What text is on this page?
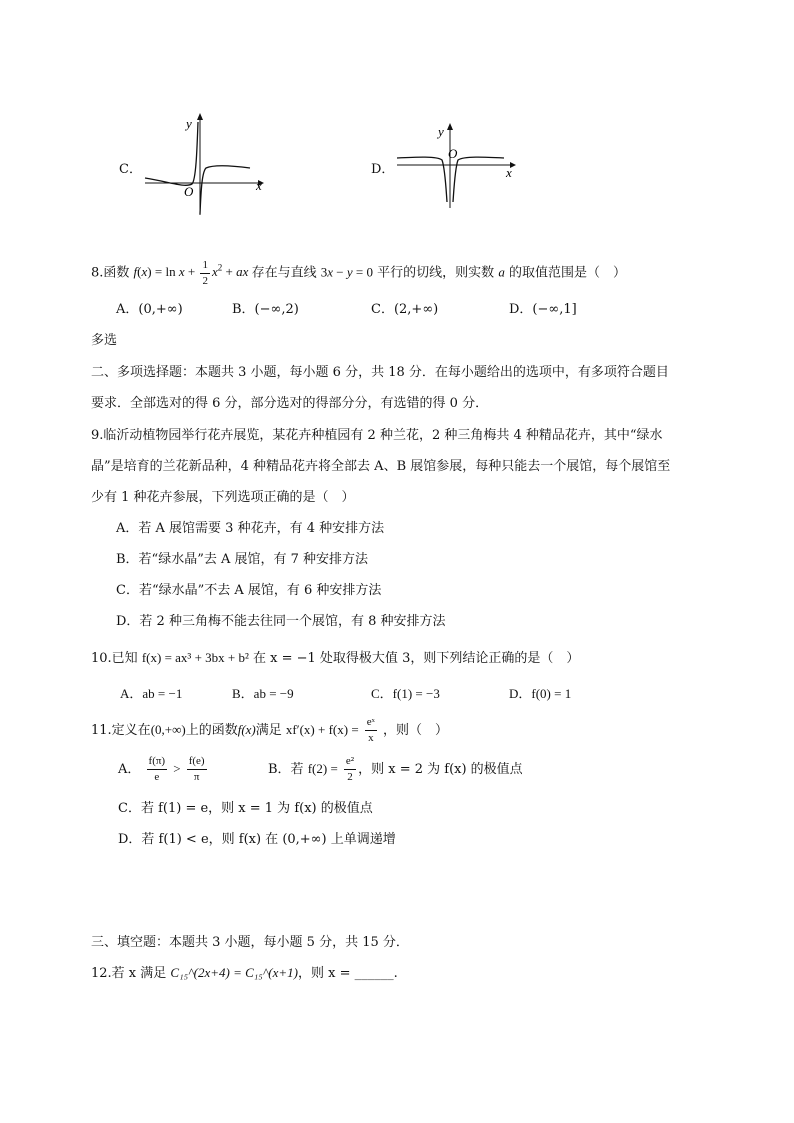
C．
y
x
O
D．
y
x
O
8.函数 $f(x) = \ln x + \frac{1}{2} x^2$ + ax 存在与直线 3x − y = 0 平行的切线，则实数 a 的取值范围是（　）
A．(0,+∞)	B．(−∞,2)	C．(2,+∞)	D．(−∞,1]
多选
二、多项选择题：本题共 3 小题，每小题 6 分，共 18 分．在每小题给出的选项中，有多项符合题目
要求．全部选对的得 6 分，部分选对的得部分分，有选错的得 0 分．
9.临沂动植物园举行花卉展览，某花卉种植园有 2 种兰花，2 种三角梅共 4 种精品花卉，其中“绿水
晶”是培育的兰花新品种，4 种精品花卉将全部去 A、B 展馆参展，每种只能去一个展馆，每个展馆至
少有 1 种花卉参展，下列选项正确的是（　）
A．若 A 展馆需要 3 种花卉，有 4 种安排方法
B．若“绿水晶”去 A 展馆，有 7 种安排方法
C．若“绿水晶”不去 A 展馆，有 6 种安排方法
D．若 2 种三角梅不能去往同一个展馆，有 8 种安排方法
10.已知 f(x) = ax³ + 3bx + b² 在 x = −1 处取得极大值 3，则下列结论正确的是（　）
A．ab = −1	B．ab = −9	C．f(1) = −3	D．f(0) = 1
11.定义在(0,+∞)上的函数f(x)满足 $xf'(x) + f(x) = \frac{\text{eˣ}}{x}$ ，则（　）
A． $\frac{f(\pi)}{e} > \frac{f(e)}{\pi}$	B．若 $f(2) = \frac{\text{e²}}{2}$ ，则 x = 2 为 f(x) 的极值点
C．若 f(1) = e，则 x = 1 为 f(x) 的极值点
D．若 f(1) < e，则 f(x) 在 (0,+∞) 上单调递增
三、填空题：本题共 3 小题，每小题 5 分，共 15 分．
12.若 x 满足 C₁₅^(2x+4) = C₁₅^(x+1)，则 x = ______.
